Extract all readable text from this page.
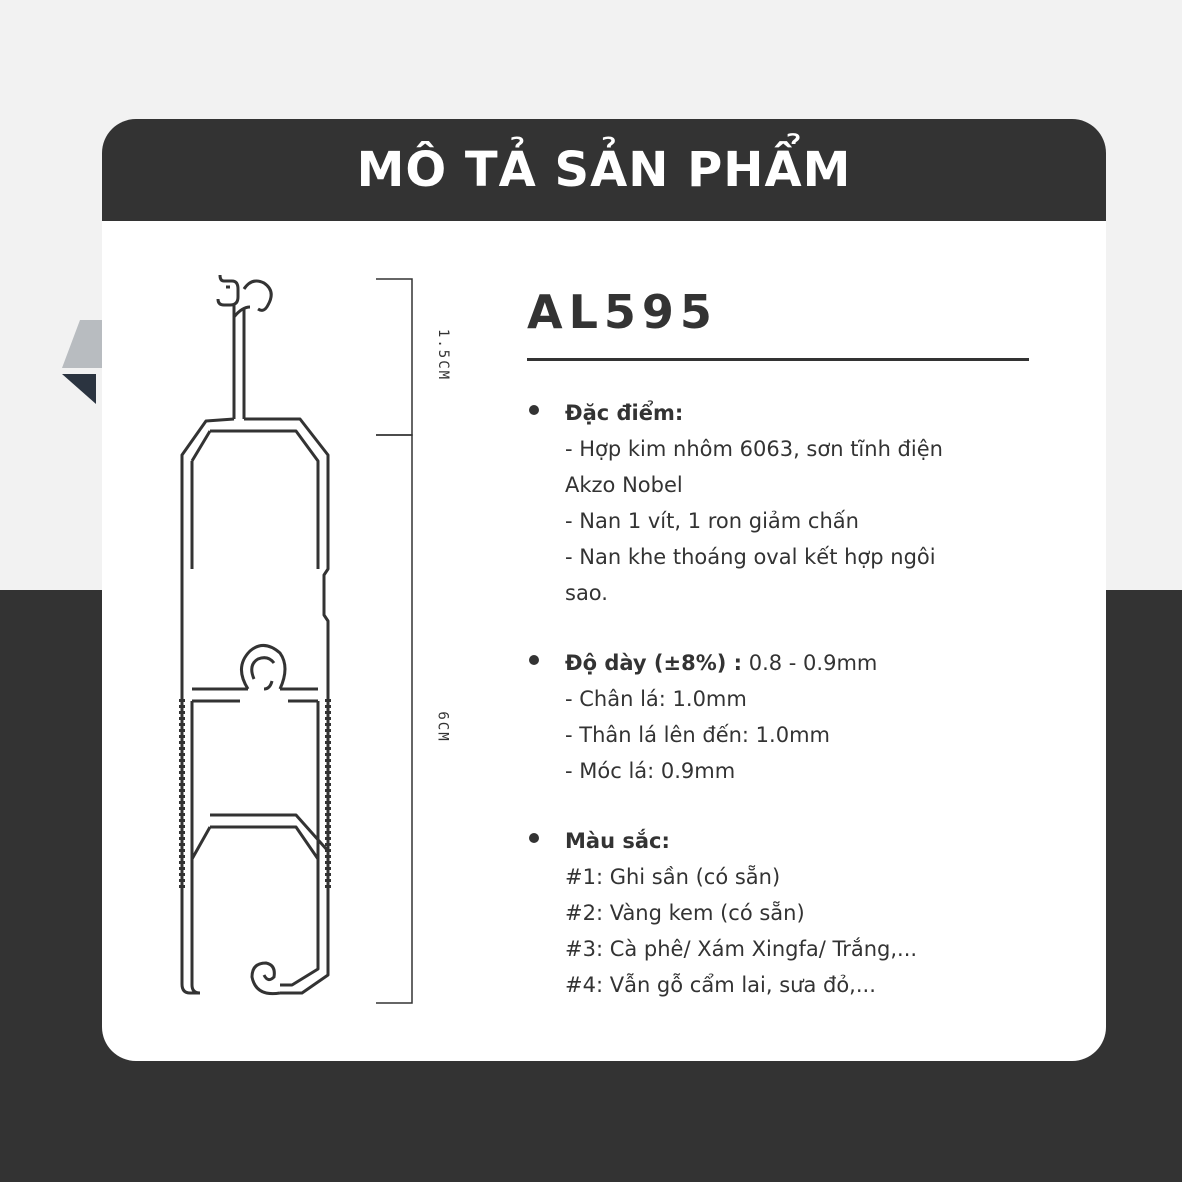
MÔ TẢ SẢN PHẨM
1.5CM
6CM
AL595
Đặc điểm:
- Hợp kim nhôm 6063, sơn tĩnh điện
Akzo Nobel
- Nan 1 vít, 1 ron giảm chấn
- Nan khe thoáng oval kết hợp ngôi
sao.
Độ dày (±8%) : 0.8 - 0.9mm
- Chân lá: 1.0mm
- Thân lá lên đến: 1.0mm
- Móc lá: 0.9mm
Màu sắc:
#1: Ghi sần (có sẵn)
#2: Vàng kem (có sẵn)
#3: Cà phê/ Xám Xingfa/ Trắng,...
#4: Vẫn gỗ cẩm lai, sưa đỏ,...
